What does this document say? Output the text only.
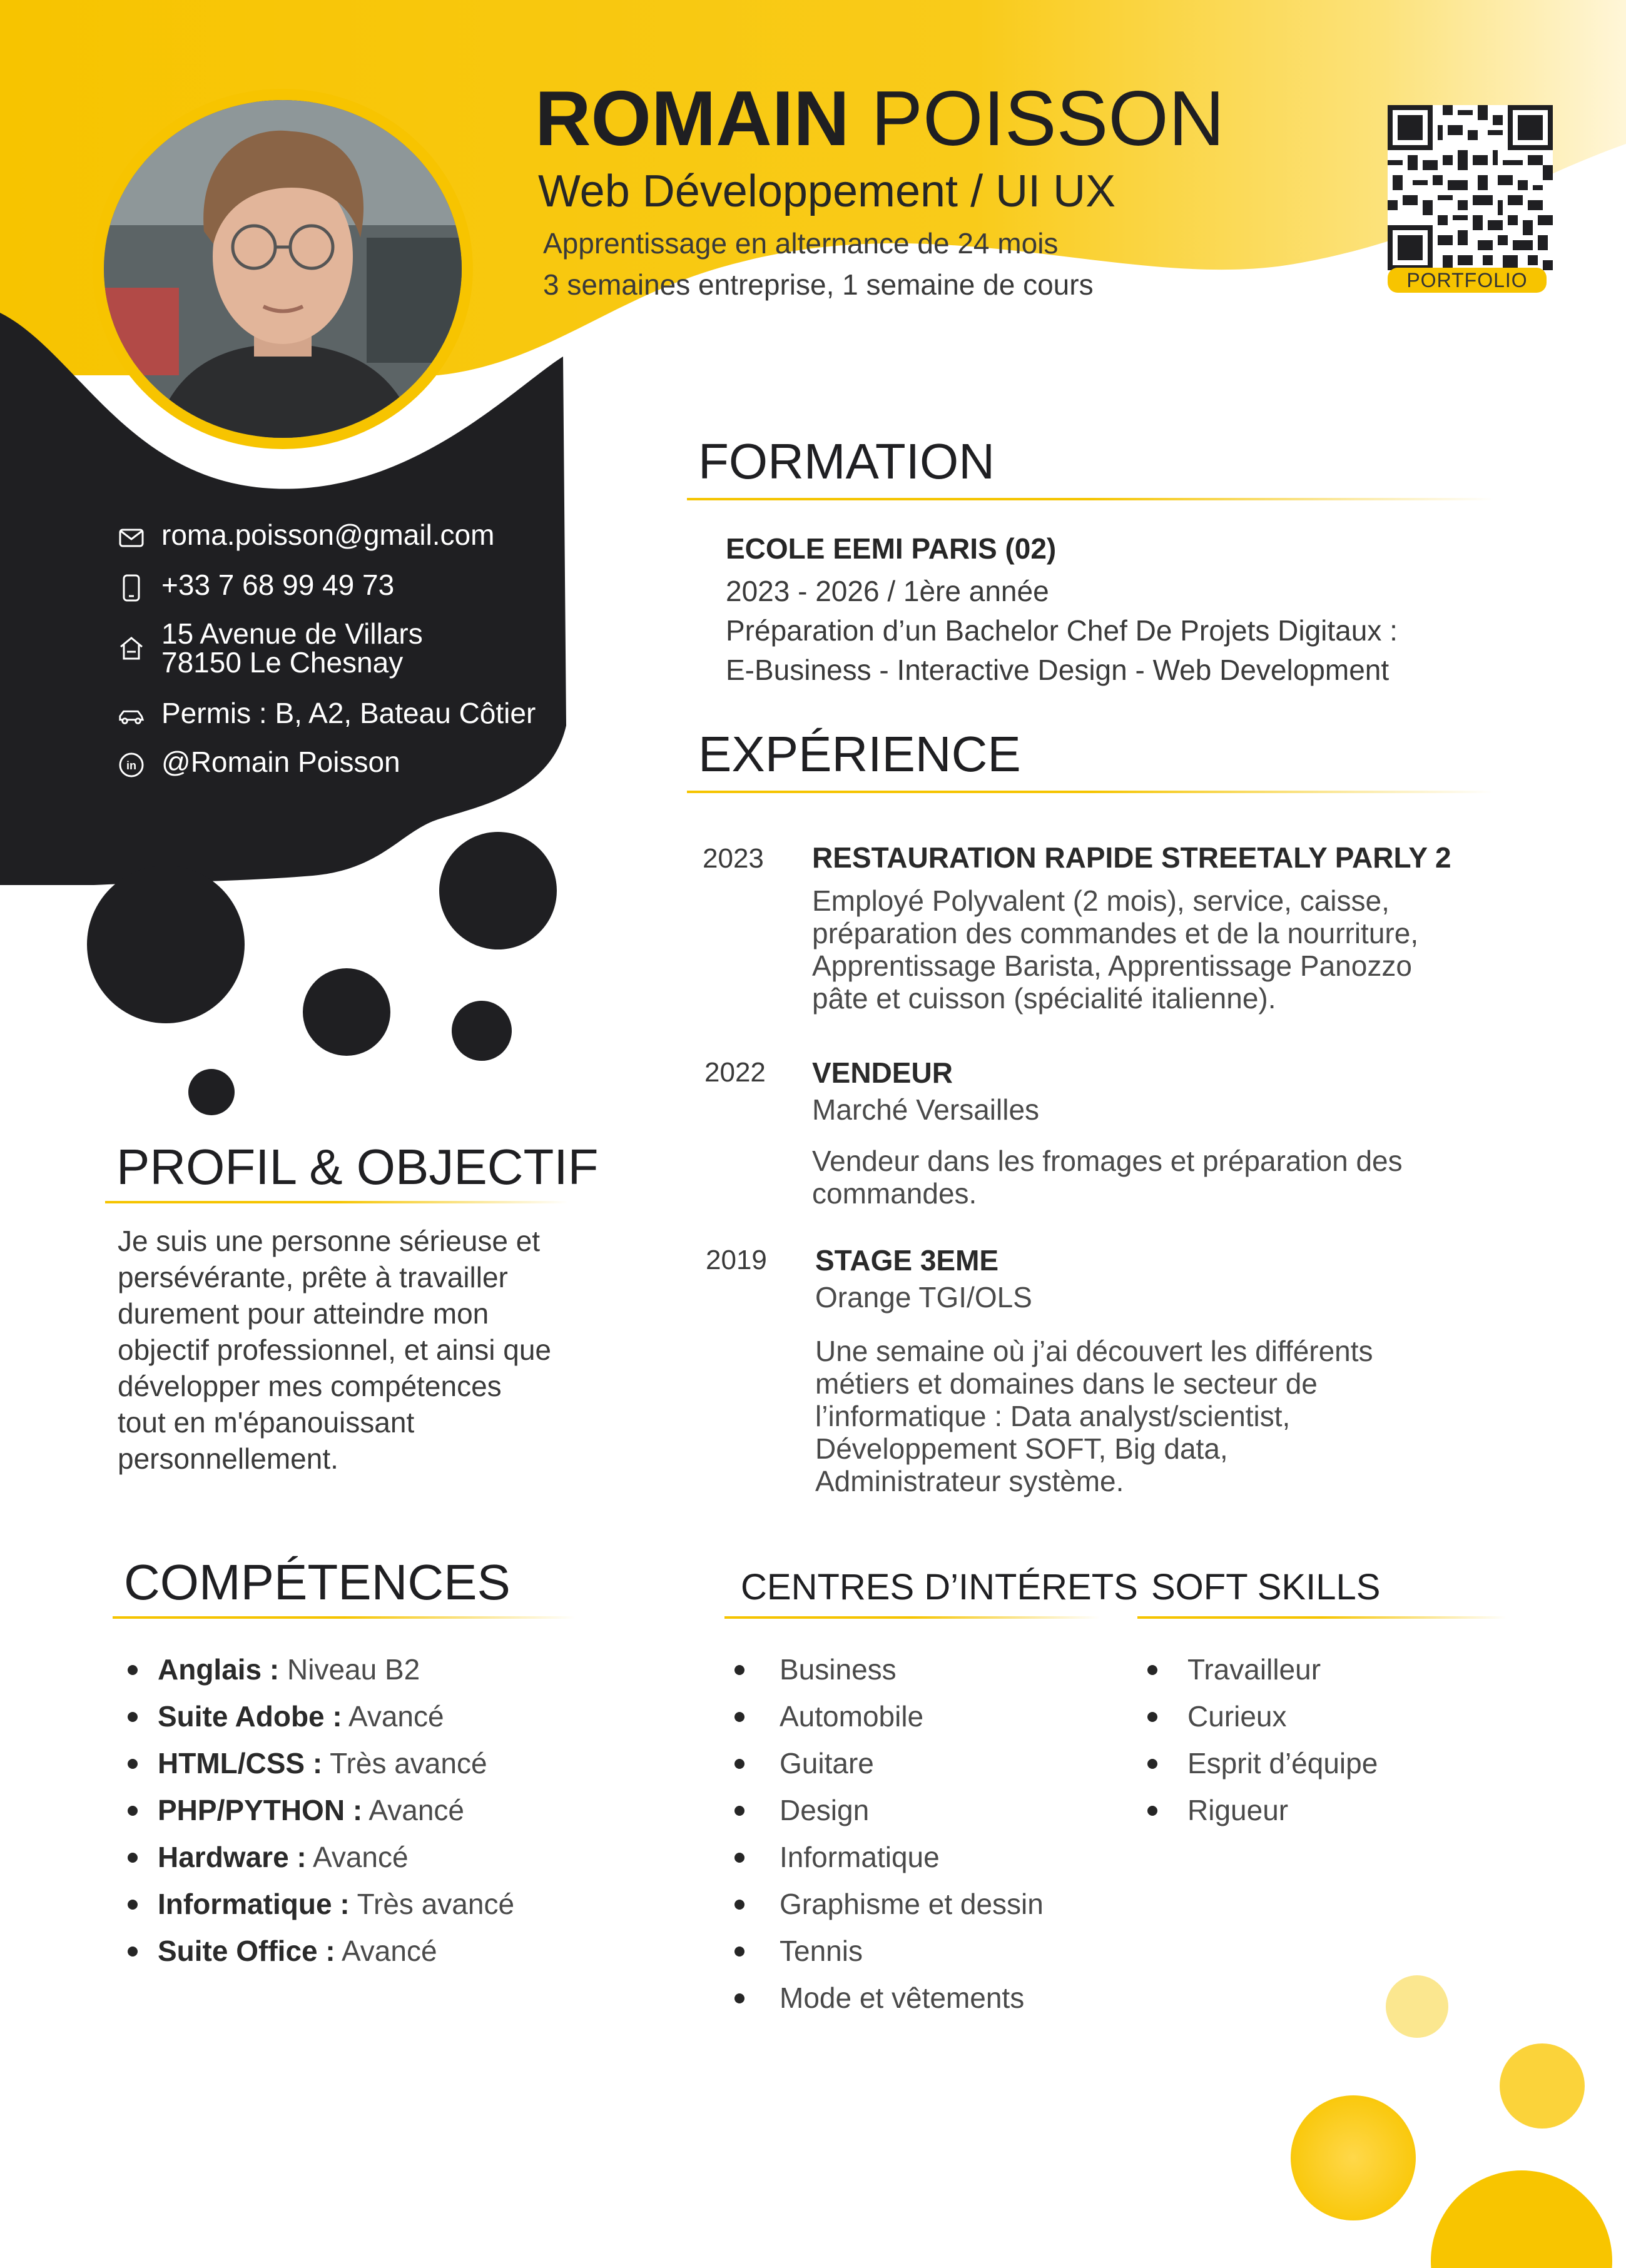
ROMAIN POISSON
Web Développement / UI UX
Apprentissage en alternance de 24 mois
3 semaines entreprise, 1 semaine de cours	PORTFOLIO
roma.poisson@gmail.com
+33 7 68 99 49 73
15 Avenue de Villars
78150 Le Chesnay
Permis : B, A2, Bateau Côtier
in @Romain Poisson
FORMATION
ECOLE EEMI PARIS (02)
2023 - 2026 / 1ère année
Préparation d’un Bachelor Chef De Projets Digitaux :
E-Business - Interactive Design - Web Development
EXPÉRIENCE
2023 RESTAURATION RAPIDE STREETALY PARLY 2
Employé Polyvalent (2 mois), service, caisse,
préparation des commandes et de la nourriture,
Apprentissage Barista, Apprentissage Panozzo
pâte et cuisson (spécialité italienne).
2022 VENDEUR
Marché Versailles
Vendeur dans les fromages et préparation des
commandes.
2019 STAGE 3EME
Orange TGI/OLS
Une semaine où j’ai découvert les différents
métiers et domaines dans le secteur de
l’informatique : Data analyst/scientist,
Développement SOFT, Big data,
Administrateur système.
PROFIL & OBJECTIF
Je suis une personne sérieuse et
persévérante, prête à travailler
durement pour atteindre mon
objectif professionnel, et ainsi que
développer mes compétences
tout en m'épanouissant
personnellement.
COMPÉTENCES
Anglais : Niveau B2
Suite Adobe : Avancé
HTML/CSS : Très avancé
PHP/PYTHON : Avancé
Hardware : Avancé
Informatique : Très avancé
Suite Office : Avancé
CENTRES D’INTÉRETS
Business
Automobile
Guitare
Design
Informatique
Graphisme et dessin
Tennis
Mode et vêtements
SOFT SKILLS
Travailleur
Curieux
Esprit d’équipe
Rigueur
